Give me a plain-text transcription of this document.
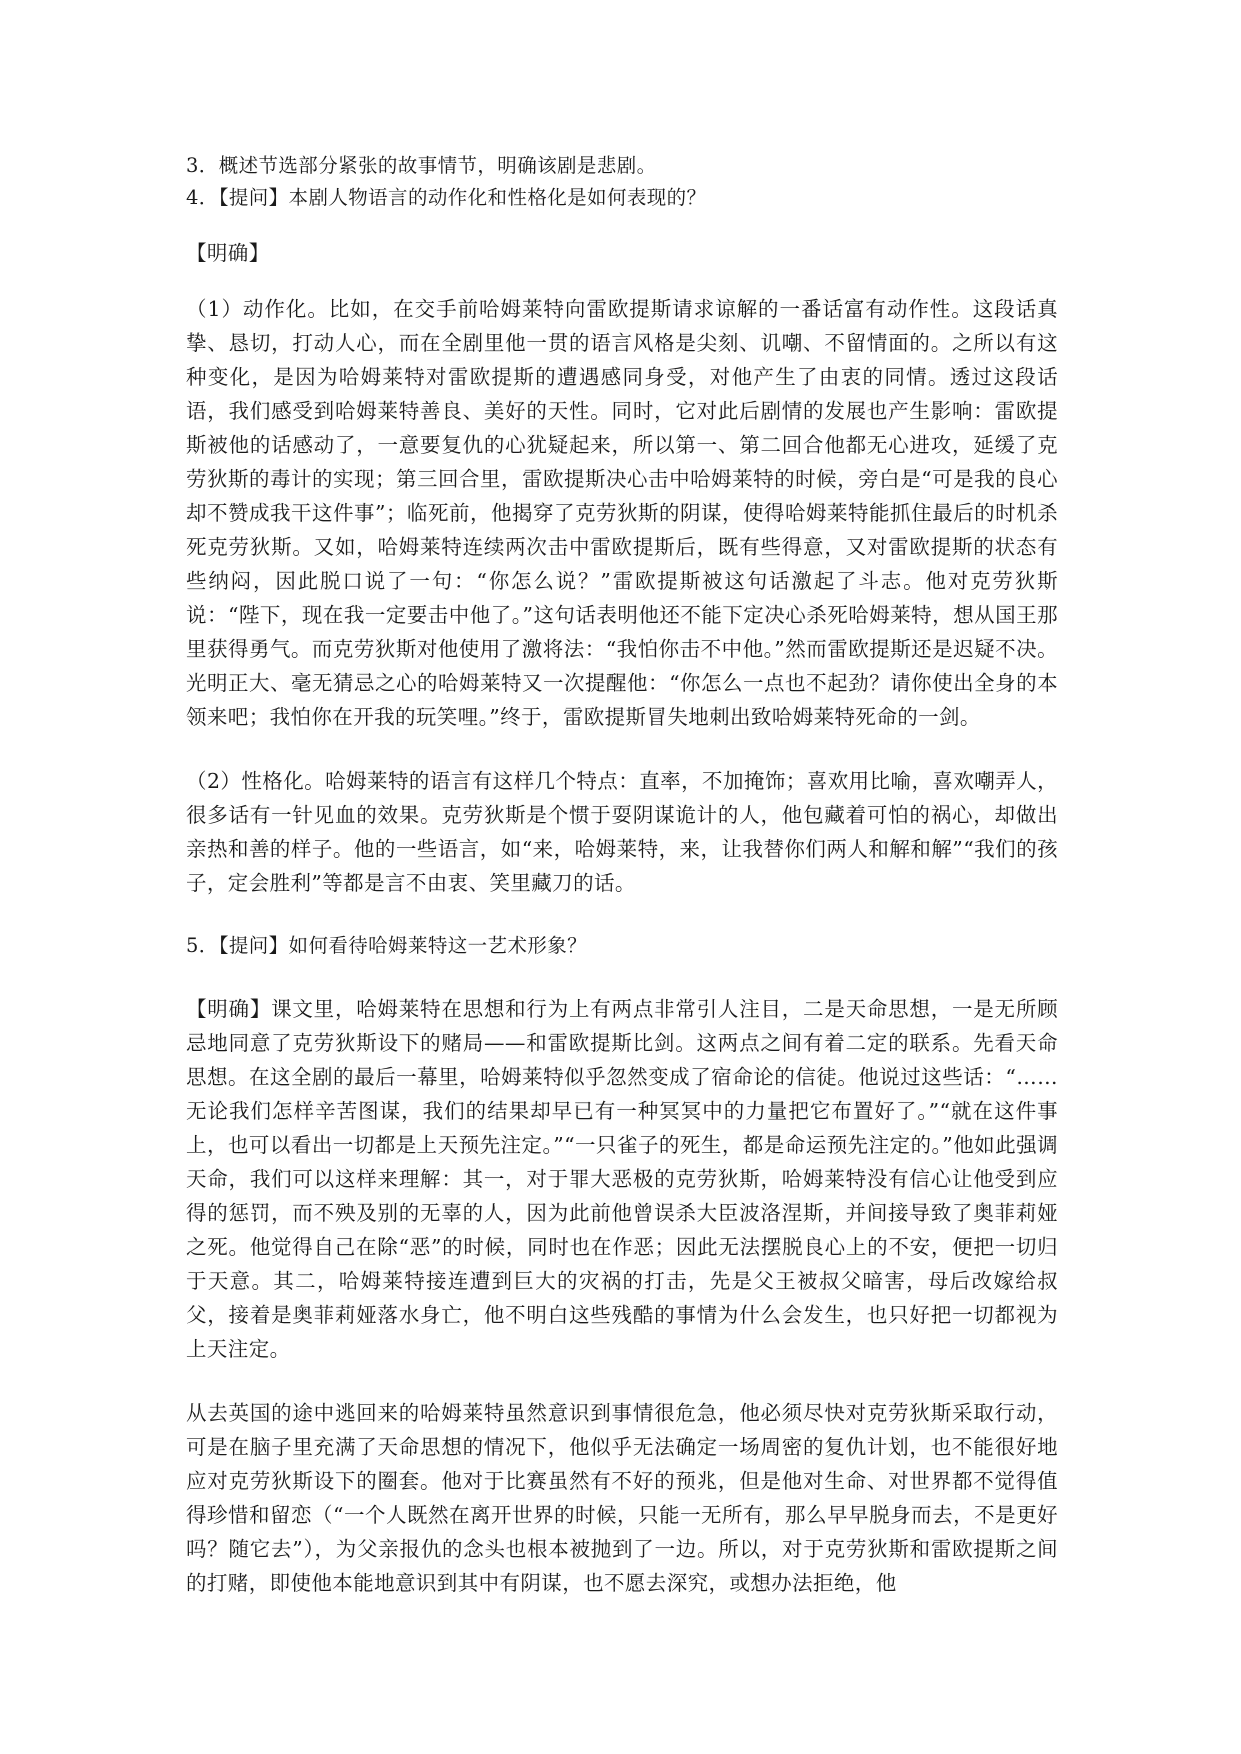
3．概述节选部分紧张的故事情节，明确该剧是悲剧。

4．【提问】本剧人物语言的动作化和性格化是如何表现的？

【明确】

（1）动作化。比如，在交手前哈姆莱特向雷欧提斯请求谅解的一番话富有动作性。这段话真挚、恳切，打动人心，而在全剧里他一贯的语言风格是尖刻、讥嘲、不留情面的。之所以有这种变化，是因为哈姆莱特对雷欧提斯的遭遇感同身受，对他产生了由衷的同情。透过这段话语，我们感受到哈姆莱特善良、美好的天性。同时，它对此后剧情的发展也产生影响：雷欧提斯被他的话感动了，一意要复仇的心犹疑起来，所以第一、第二回合他都无心进攻，延缓了克劳狄斯的毒计的实现；第三回合里，雷欧提斯决心击中哈姆莱特的时候，旁白是“可是我的良心却不赞成我干这件事”；临死前，他揭穿了克劳狄斯的阴谋，使得哈姆莱特能抓住最后的时机杀死克劳狄斯。又如，哈姆莱特连续两次击中雷欧提斯后，既有些得意，又对雷欧提斯的状态有些纳闷，因此脱口说了一句：“你怎么说？”雷欧提斯被这句话激起了斗志。他对克劳狄斯说：“陛下，现在我一定要击中他了。”这句话表明他还不能下定决心杀死哈姆莱特，想从国王那里获得勇气。而克劳狄斯对他使用了激将法：“我怕你击不中他。”然而雷欧提斯还是迟疑不决。光明正大、毫无猜忌之心的哈姆莱特又一次提醒他：“你怎么一点也不起劲？请你使出全身的本领来吧；我怕你在开我的玩笑哩。”终于，雷欧提斯冒失地刺出致哈姆莱特死命的一剑。

（2）性格化。哈姆莱特的语言有这样几个特点：直率，不加掩饰；喜欢用比喻，喜欢嘲弄人，很多话有一针见血的效果。克劳狄斯是个惯于耍阴谋诡计的人，他包藏着可怕的祸心，却做出亲热和善的样子。他的一些语言，如“来，哈姆莱特，来，让我替你们两人和解和解”“我们的孩子，定会胜利”等都是言不由衷、笑里藏刀的话。

5．【提问】如何看待哈姆莱特这一艺术形象？

【明确】课文里，哈姆莱特在思想和行为上有两点非常引人注目，二是天命思想，一是无所顾忌地同意了克劳狄斯设下的赌局——和雷欧提斯比剑。这两点之间有着二定的联系。先看天命思想。在这全剧的最后一幕里，哈姆莱特似乎忽然变成了宿命论的信徒。他说过这些话：“……无论我们怎样辛苦图谋，我们的结果却早已有一种冥冥中的力量把它布置好了。”“就在这件事上，也可以看出一切都是上天预先注定。”“一只雀子的死生，都是命运预先注定的。”他如此强调天命，我们可以这样来理解：其一，对于罪大恶极的克劳狄斯，哈姆莱特没有信心让他受到应得的惩罚，而不殃及别的无辜的人，因为此前他曾误杀大臣波洛涅斯，并间接导致了奥菲莉娅之死。他觉得自己在除“恶”的时候，同时也在作恶；因此无法摆脱良心上的不安，便把一切归于天意。其二，哈姆莱特接连遭到巨大的灾祸的打击，先是父王被叔父暗害，母后改嫁给叔父，接着是奥菲莉娅落水身亡，他不明白这些残酷的事情为什么会发生，也只好把一切都视为上天注定。

从去英国的途中逃回来的哈姆莱特虽然意识到事情很危急，他必须尽快对克劳狄斯采取行动，可是在脑子里充满了天命思想的情况下，他似乎无法确定一场周密的复仇计划，也不能很好地应对克劳狄斯设下的圈套。他对于比赛虽然有不好的预兆，但是他对生命、对世界都不觉得值得珍惜和留恋（“一个人既然在离开世界的时候，只能一无所有，那么早早脱身而去，不是更好吗？随它去”），为父亲报仇的念头也根本被抛到了一边。所以，对于克劳狄斯和雷欧提斯之间的打赌，即使他本能地意识到其中有阴谋，也不愿去深究，或想办法拒绝，他
